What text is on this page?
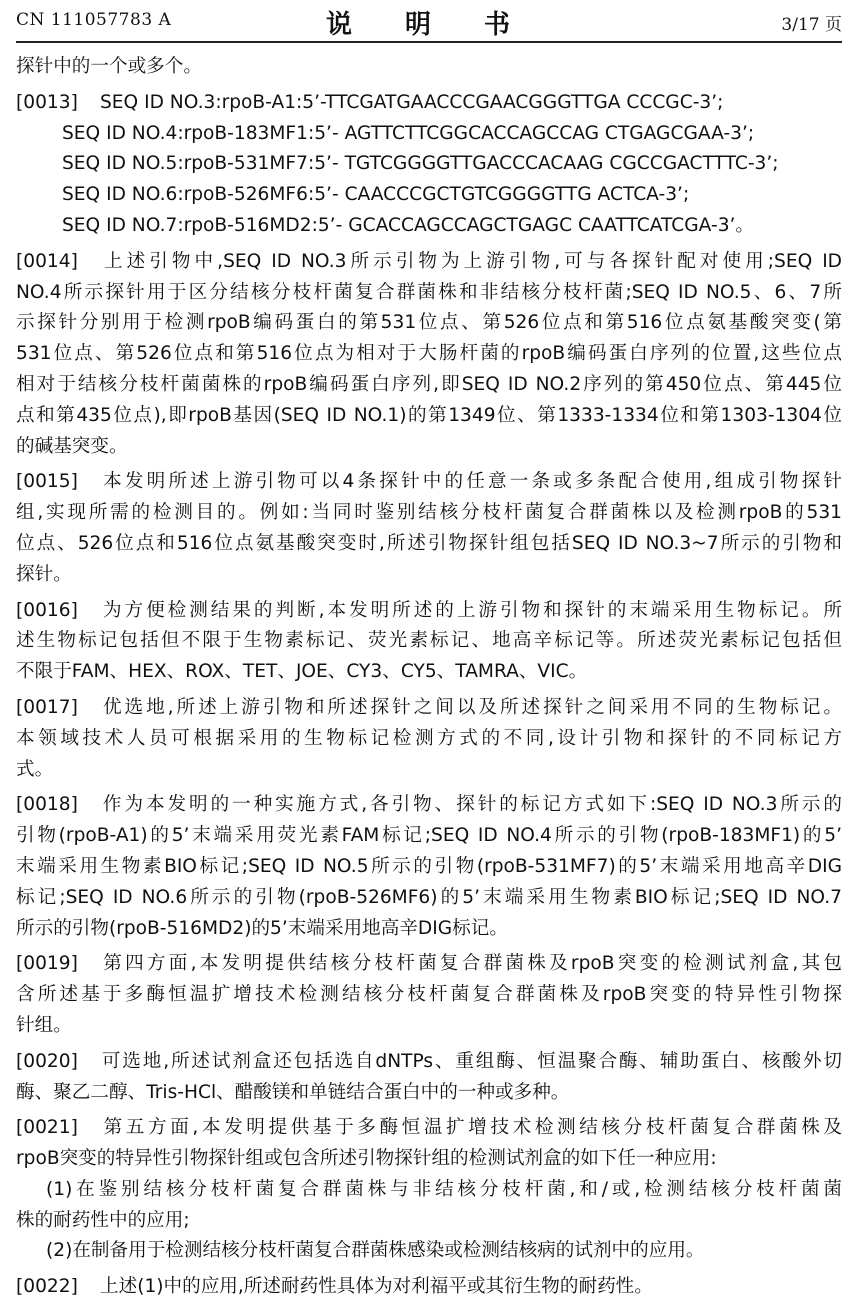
CN 111057783 A	说 明 书	3/17 页
探针中的一个或多个。
[0013] SEQ ID NO.3:rpoB-A1:5’-TTCGATGAACCCGAACGGGTTGA CCCGC-3’;
SEQ ID NO.4:rpoB-183MF1:5’- AGTTCTTCGGCACCAGCCAG CTGAGCGAA-3’;
SEQ ID NO.5:rpoB-531MF7:5’- TGTCGGGGTTGACCCACAAG CGCCGACTTTC-3’;
SEQ ID NO.6:rpoB-526MF6:5’- CAACCCGCTGTCGGGGTTG ACTCA-3’;
SEQ ID NO.7:rpoB-516MD2:5’- GCACCAGCCAGCTGAGC CAATTCATCGA-3’。
[0014] 上述引物中,SEQ ID NO.3所示引物为上游引物,可与各探针配对使用;SEQ ID
NO.4所示探针用于区分结核分枝杆菌复合群菌株和非结核分枝杆菌;SEQ ID NO.5、6、7所
示探针分别用于检测rpoB编码蛋白的第531位点、第526位点和第516位点氨基酸突变(第
531位点、第526位点和第516位点为相对于大肠杆菌的rpoB编码蛋白序列的位置,这些位点
相对于结核分枝杆菌菌株的rpoB编码蛋白序列,即SEQ ID NO.2序列的第450位点、第445位
点和第435位点),即rpoB基因(SEQ ID NO.1)的第1349位、第1333-1334位和第1303-1304位
的碱基突变。
[0015] 本发明所述上游引物可以4条探针中的任意一条或多条配合使用,组成引物探针
组,实现所需的检测目的。例如:当同时鉴别结核分枝杆菌复合群菌株以及检测rpoB的531
位点、526位点和516位点氨基酸突变时,所述引物探针组包括SEQ ID NO.3~7所示的引物和
探针。
[0016] 为方便检测结果的判断,本发明所述的上游引物和探针的末端采用生物标记。所
述生物标记包括但不限于生物素标记、荧光素标记、地高辛标记等。所述荧光素标记包括但
不限于FAM、HEX、ROX、TET、JOE、CY3、CY5、TAMRA、VIC。
[0017] 优选地,所述上游引物和所述探针之间以及所述探针之间采用不同的生物标记。
本领域技术人员可根据采用的生物标记检测方式的不同,设计引物和探针的不同标记方
式。
[0018] 作为本发明的一种实施方式,各引物、探针的标记方式如下:SEQ ID NO.3所示的
引物(rpoB-A1)的5’末端采用荧光素FAM标记;SEQ ID NO.4所示的引物(rpoB-183MF1)的5’
末端采用生物素BIO标记;SEQ ID NO.5所示的引物(rpoB-531MF7)的5’末端采用地高辛DIG
标记;SEQ ID NO.6所示的引物(rpoB-526MF6)的5’末端采用生物素BIO标记;SEQ ID NO.7
所示的引物(rpoB-516MD2)的5’末端采用地高辛DIG标记。
[0019] 第四方面,本发明提供结核分枝杆菌复合群菌株及rpoB突变的检测试剂盒,其包
含所述基于多酶恒温扩增技术检测结核分枝杆菌复合群菌株及rpoB突变的特异性引物探
针组。
[0020] 可选地,所述试剂盒还包括选自dNTPs、重组酶、恒温聚合酶、辅助蛋白、核酸外切
酶、聚乙二醇、Tris-HCl、醋酸镁和单链结合蛋白中的一种或多种。
[0021] 第五方面,本发明提供基于多酶恒温扩增技术检测结核分枝杆菌复合群菌株及
rpoB突变的特异性引物探针组或包含所述引物探针组的检测试剂盒的如下任一种应用:
(1)在鉴别结核分枝杆菌复合群菌株与非结核分枝杆菌,和/或,检测结核分枝杆菌菌
株的耐药性中的应用;
(2)在制备用于检测结核分枝杆菌复合群菌株感染或检测结核病的试剂中的应用。
[0022] 上述(1)中的应用,所述耐药性具体为对利福平或其衍生物的耐药性。
